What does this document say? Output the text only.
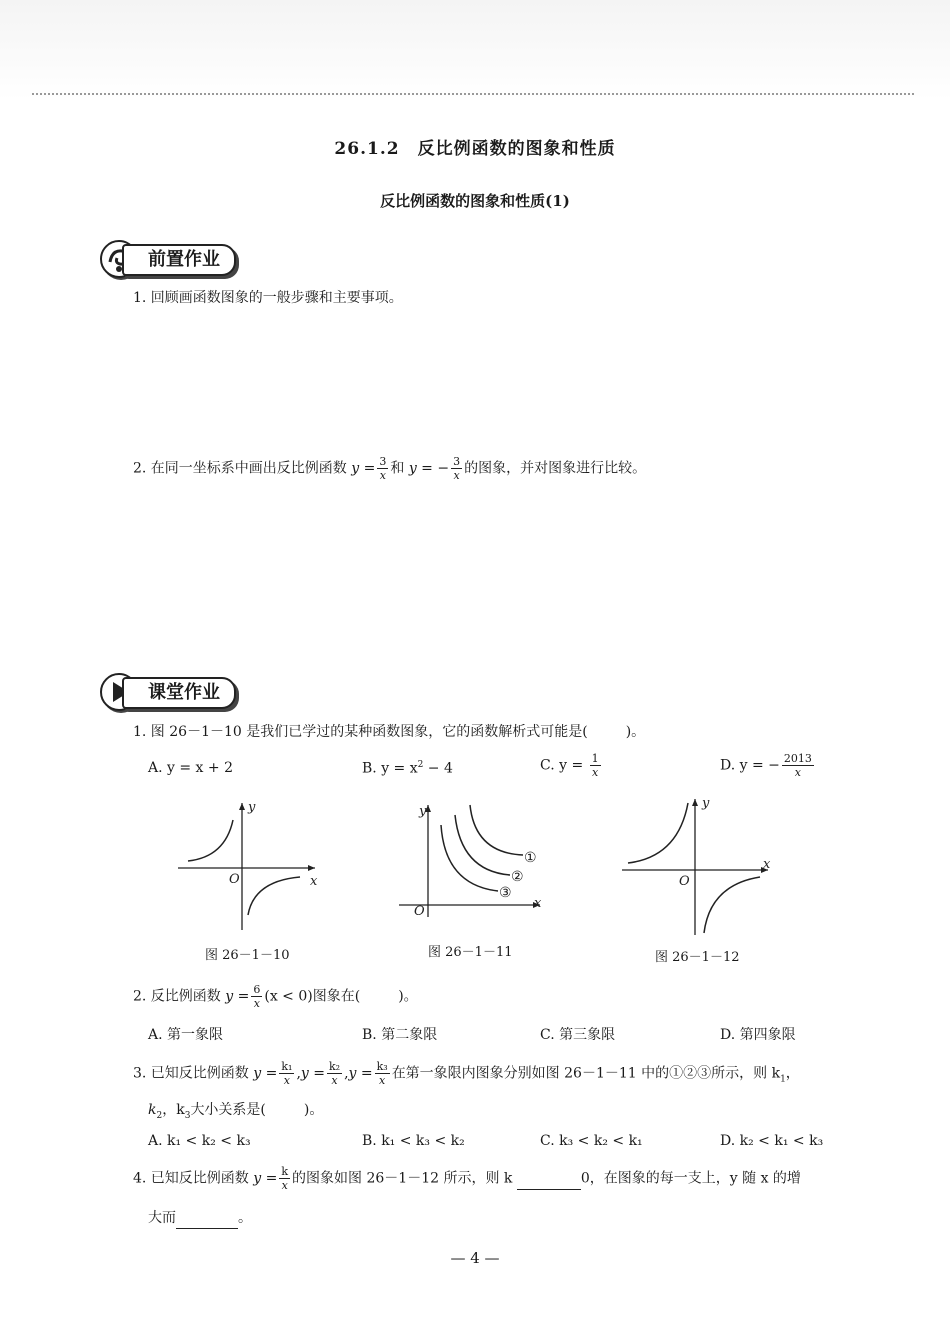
26.1.2　反比例函数的图象和性质
反比例函数的图象和性质(1)
前置作业
1. 回顾画函数图象的一般步骤和主要事项。
2. 在同一坐标系中画出反比例函数 $y = \frac{3}{x}$ 和 y = − $\frac{3}{x}$ 的图象，并对图象进行比较。
课堂作业
1. 图 26－1－10 是我们已学过的某种函数图象，它的函数解析式可能是(	)。
A. y = x + 2	B. $y = x^2 - 4$	C. $y = \frac{1}{x}$	D. y = − $\frac{2013}{x}$
y
x
O
y
x
O
①
②
③
y
x
O
图 26－1－10	图 26－1－11	图 26－1－12
2. 反比例函数 $y = \frac{6}{x} (x < 0)$图象在(	)。
A. 第一象限	B. 第二象限	C. 第三象限	D. 第四象限
3. 已知反比例函数 $y = \frac{\text{k₁}}{x} ,y = \frac{\text{k₂}}{x} ,y = \frac{\text{k₃}}{x}$ 在第一象限内图象分别如图 26－1－11 中的①②③所示，则 $k_1$，
$k_2$，$k_3$大小关系是(	)。
A. k₁ < k₂ < k₃	B. k₁ < k₃ < k₂	C. k₃ < k₂ < k₁	D. k₂ < k₁ < k₃
4. 已知反比例函数 $y = \frac{k}{x}$ 的图象如图 26－1－12 所示，则 k	0，在图象的每一支上，y 随 x 的增
大而	。
— 4 —
